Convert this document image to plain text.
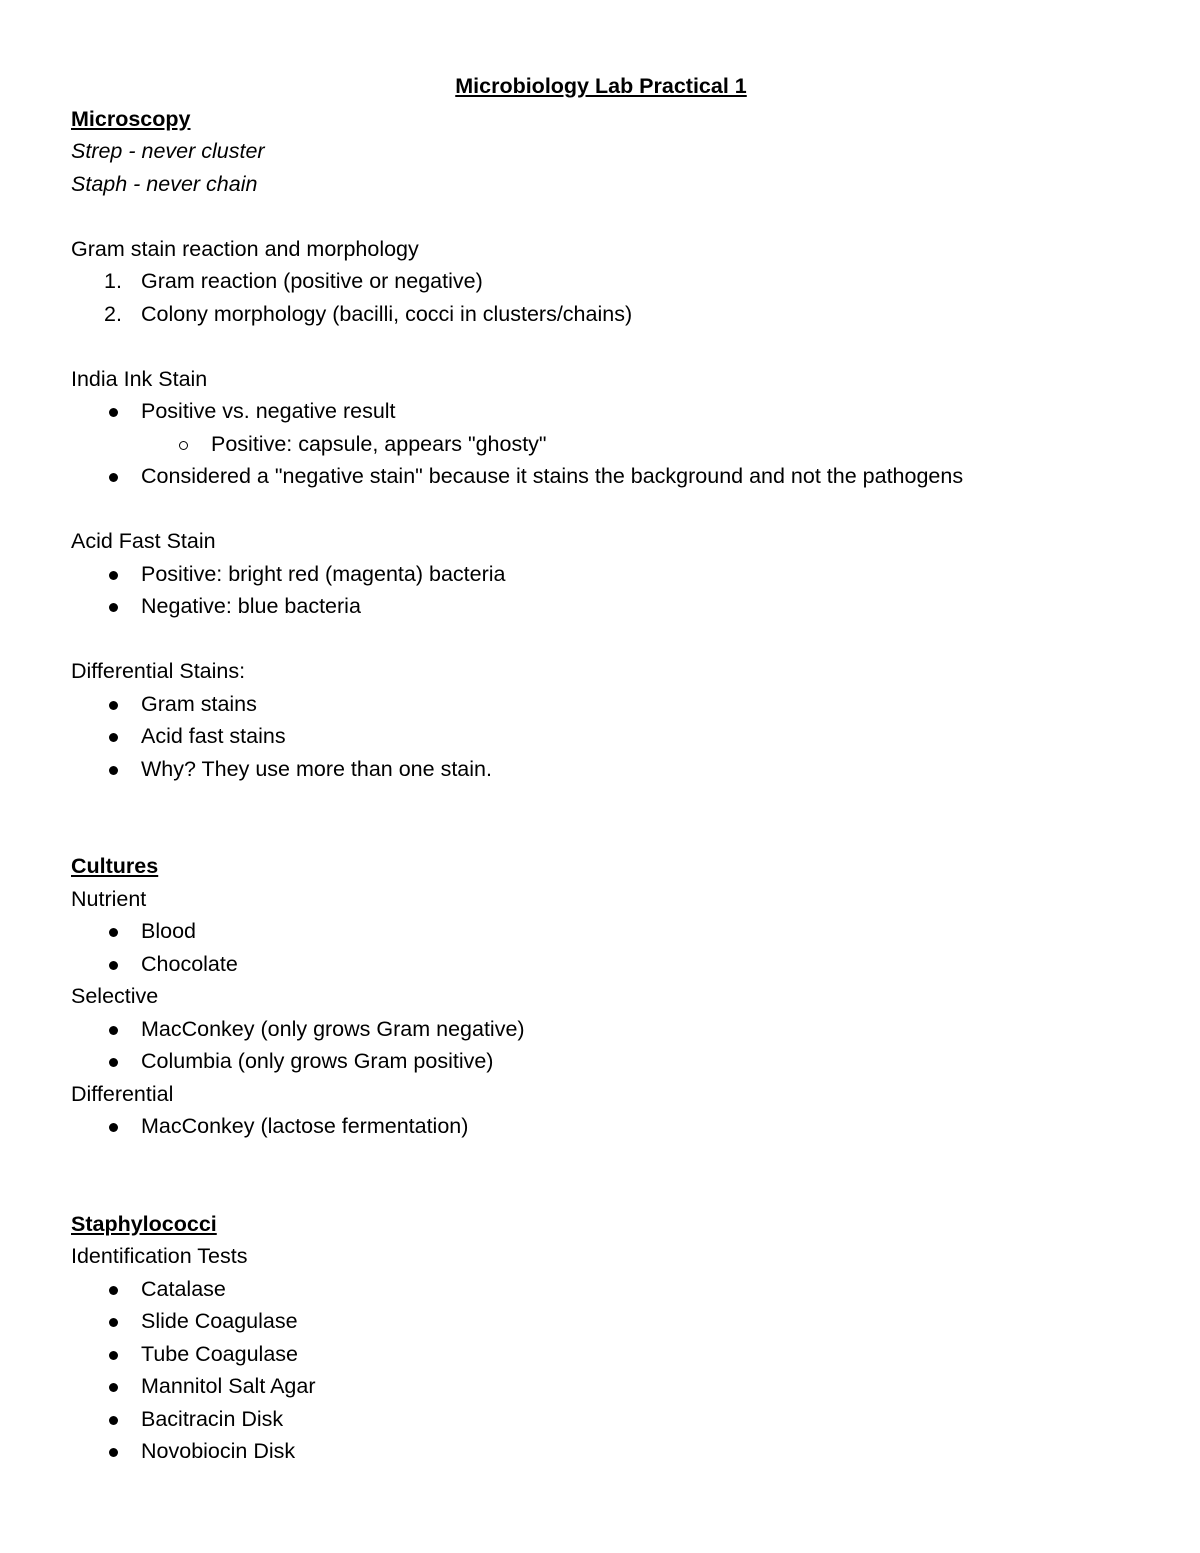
Microbiology Lab Practical 1
Microscopy
Strep - never cluster
Staph - never chain
Gram stain reaction and morphology
1. Gram reaction (positive or negative)
2. Colony morphology (bacilli, cocci in clusters/chains)
India Ink Stain
Positive vs. negative result
Positive: capsule, appears "ghosty"
Considered a "negative stain" because it stains the background and not the pathogens
Acid Fast Stain
Positive: bright red (magenta) bacteria
Negative: blue bacteria
Differential Stains:
Gram stains
Acid fast stains
Why? They use more than one stain.
Cultures
Nutrient
Blood
Chocolate
Selective
MacConkey (only grows Gram negative)
Columbia (only grows Gram positive)
Differential
MacConkey (lactose fermentation)
Staphylococci
Identification Tests
Catalase
Slide Coagulase
Tube Coagulase
Mannitol Salt Agar
Bacitracin Disk
Novobiocin Disk
